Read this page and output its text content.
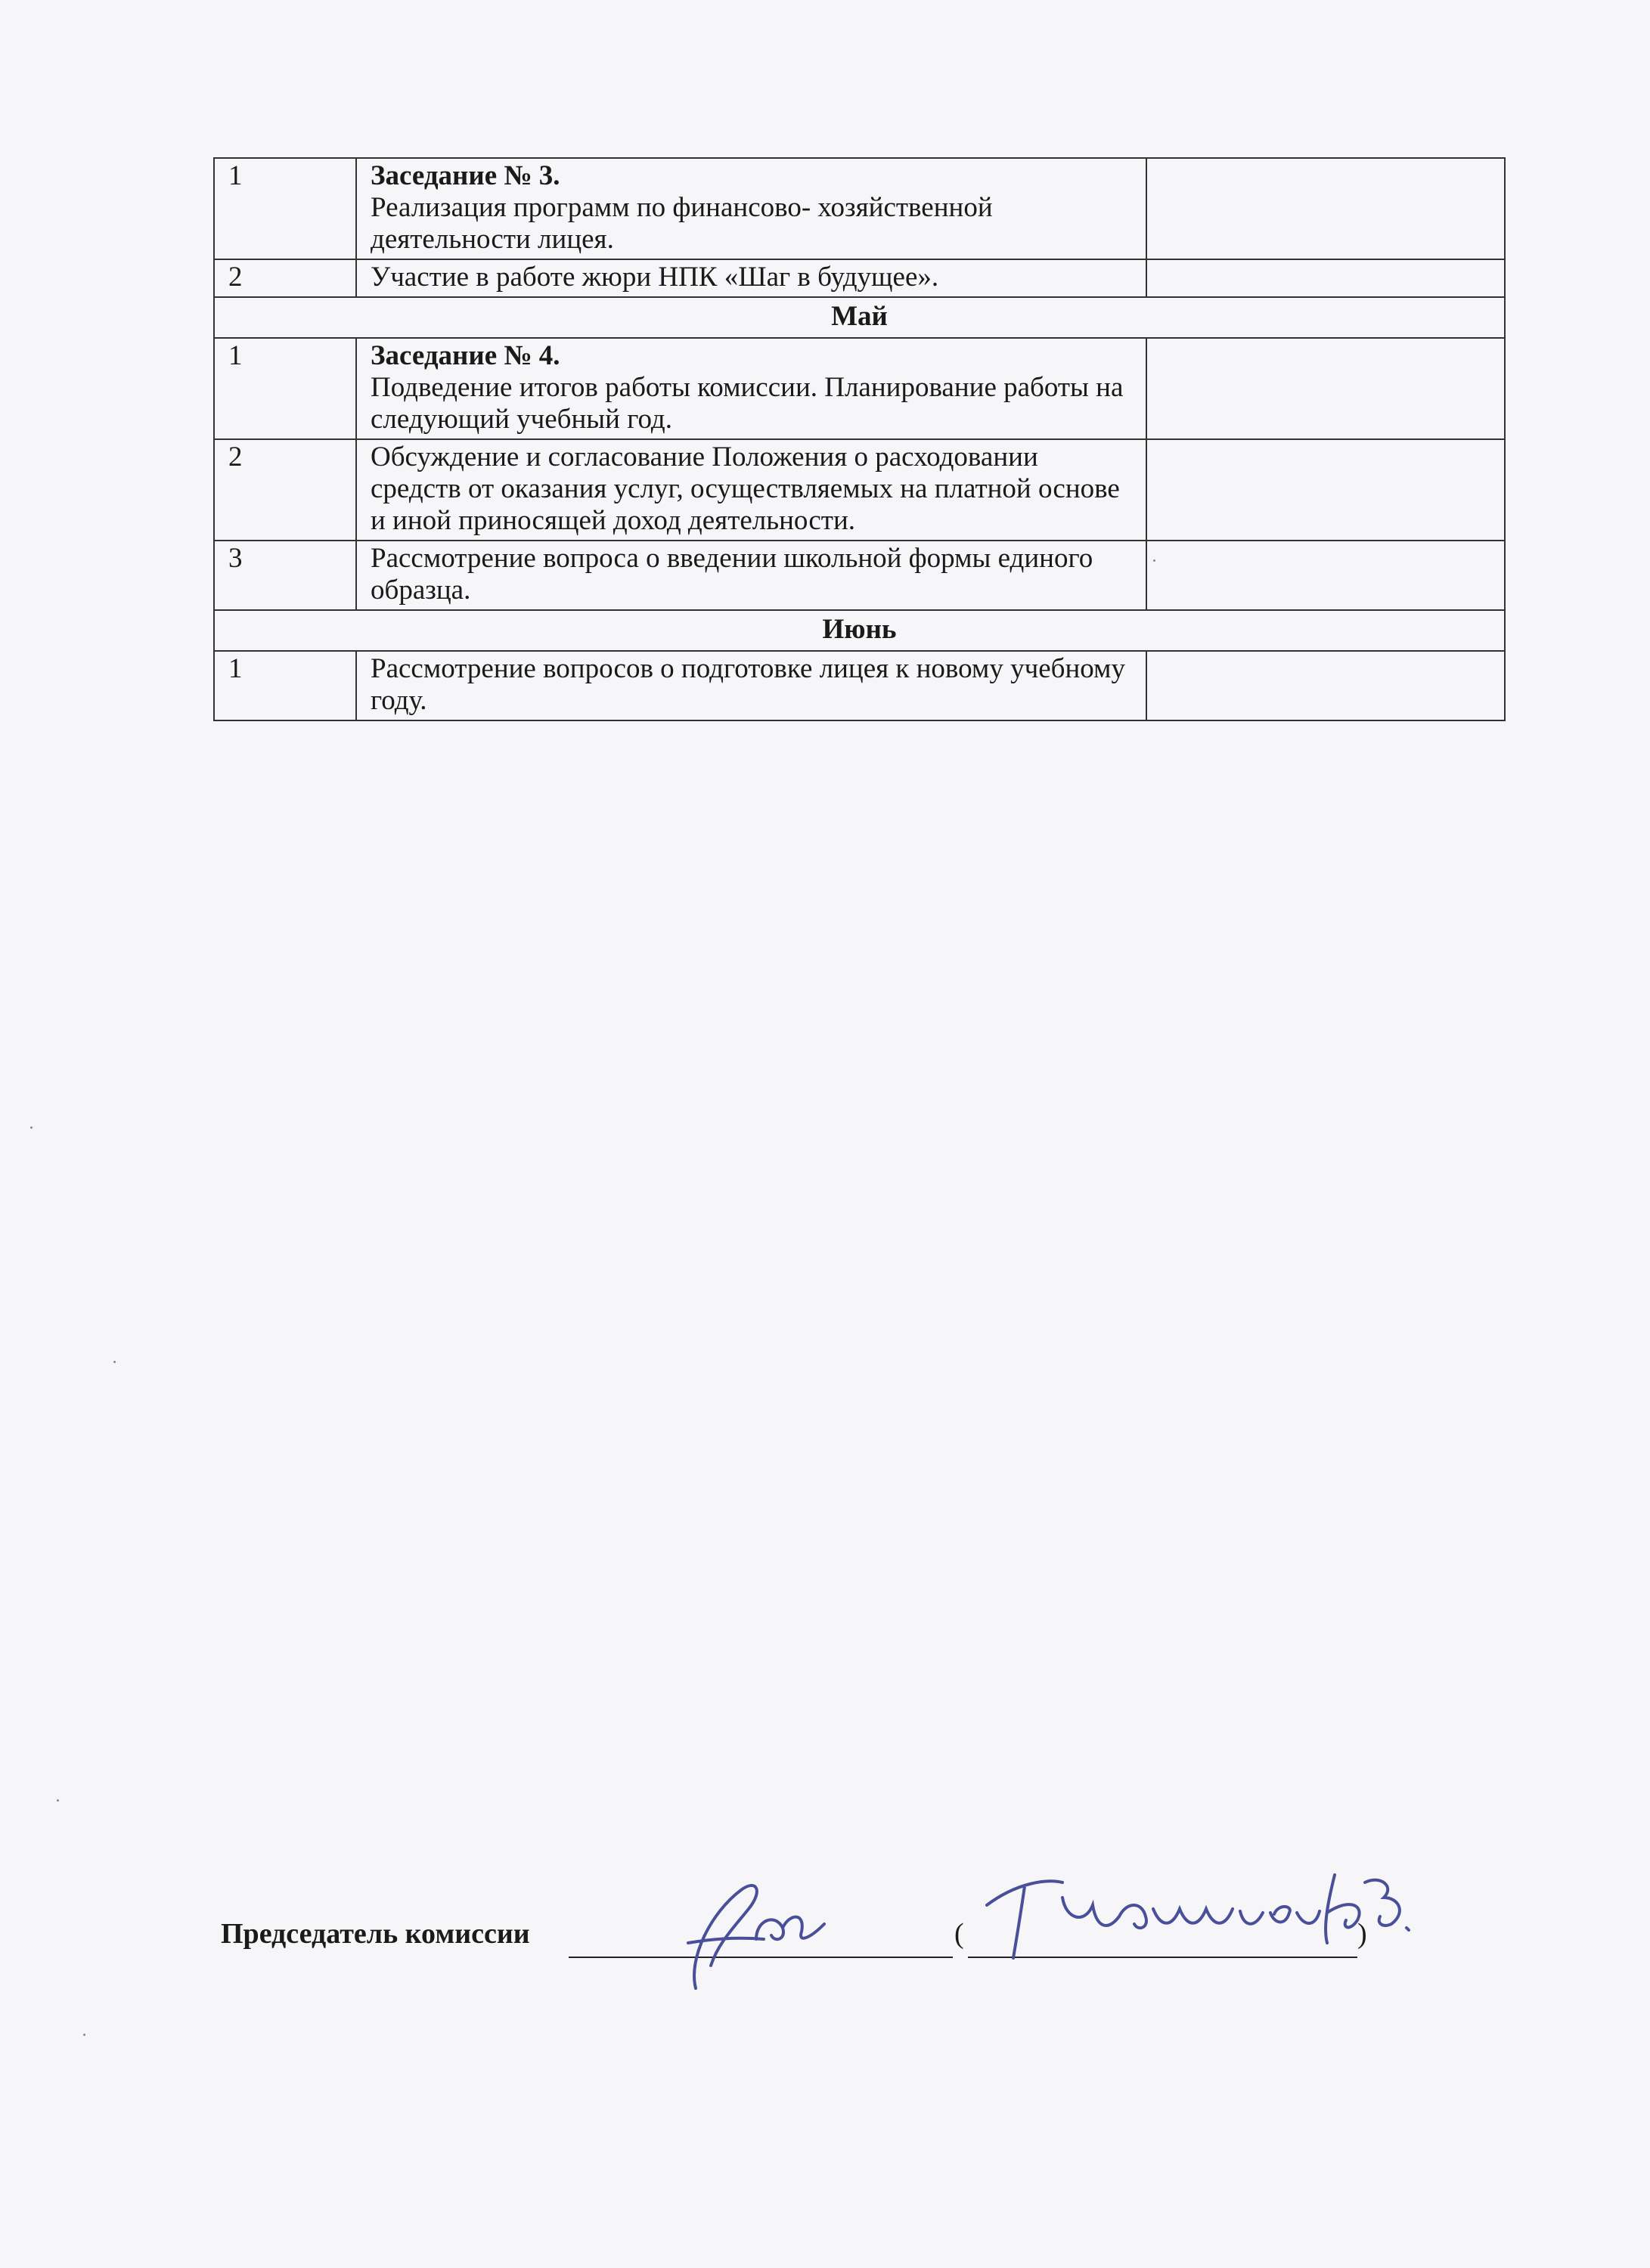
1	Заседание № 3.
Реализация программ по финансово- хозяйственной деятельности лицея.	

2	Участие в работе жюри НПК «Шаг в будущее».	

Май		
1	Заседание № 4.
Подведение итогов работы комиссии. Планирование работы на следующий учебный год.	

2	Обсуждение и согласование Положения о расходовании средств от оказания услуг, осуществляемых на платной основе и иной приносящей доход деятельности.	

3	Рассмотрение вопроса о введении школьной формы единого образца.	

Июнь		
1	Рассмотрение вопросов о подготовке лицея к новому учебному году.	

Председатель комиссии	(	)
